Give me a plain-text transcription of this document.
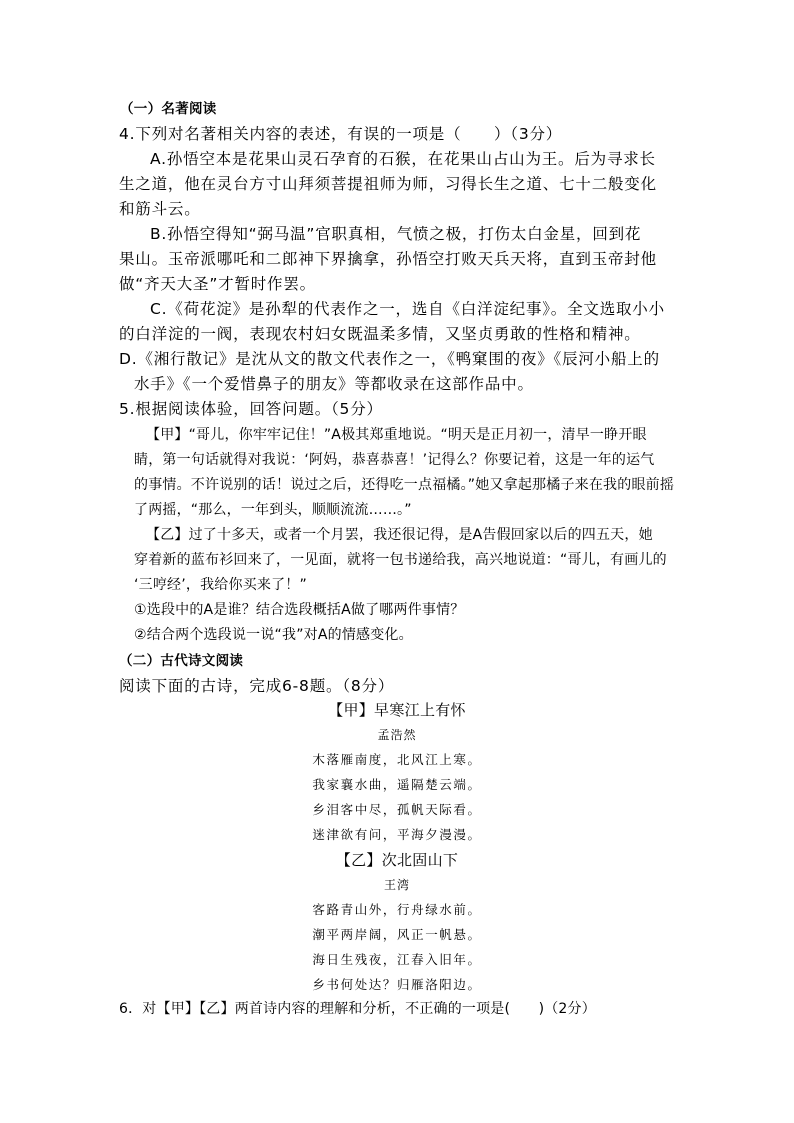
（一）名著阅读
4.下列对名著相关内容的表述，有误的一项是（　　）（3分）
A.孙悟空本是花果山灵石孕育的石猴，在花果山占山为王。后为寻求长
生之道，他在灵台方寸山拜须菩提祖师为师，习得长生之道、七十二般变化
和筋斗云。
B.孙悟空得知“弼马温”官职真相，气愤之极，打伤太白金星，回到花
果山。玉帝派哪吒和二郎神下界擒拿，孙悟空打败天兵天将，直到玉帝封他
做“齐天大圣”才暂时作罢。
C.《荷花淀》是孙犁的代表作之一，选自《白洋淀纪事》。全文选取小小
的白洋淀的一阀，表现农村妇女既温柔多情，又坚贞勇敢的性格和精神。
D.《湘行散记》是沈从文的散文代表作之一，《鸭窠围的夜》《辰河小船上的
水手》《一个爱惜鼻子的朋友》等都收录在这部作品中。
5.根据阅读体验，回答问题。（5分）
【甲】“哥儿，你牢牢记住！”A极其郑重地说。“明天是正月初一，清早一睁开眼
睛，第一句话就得对我说：‘阿妈，恭喜恭喜！’记得么？你要记着，这是一年的运气
的事情。不许说别的话！说过之后，还得吃一点福橘。”她又拿起那橘子来在我的眼前摇
了两摇，“那么，一年到头，顺顺流流……。”
【乙】过了十多天，或者一个月罢，我还很记得，是A告假回家以后的四五天，她
穿着新的蓝布衫回来了，一见面，就将一包书递给我，高兴地说道：“哥儿，有画儿的
‘三哼经’，我给你买来了！”
①选段中的A是谁？结合选段概括A做了哪两件事情？
②结合两个选段说一说“我”对A的情感变化。
（二）古代诗文阅读
阅读下面的古诗，完成6-8题。（8分）
【甲】早寒江上有怀
孟浩然
木落雁南度，北风江上寒。
我家襄水曲，遥隔楚云端。
乡泪客中尽，孤帆天际看。
迷津欲有问，平海夕漫漫。
【乙】次北固山下
王湾
客路青山外，行舟绿水前。
潮平两岸阔，风正一帆悬。
海日生残夜，江春入旧年。
乡书何处达？归雁洛阳边。
6．对【甲】【乙】两首诗内容的理解和分析，不正确的一项是(　　)（2分）
